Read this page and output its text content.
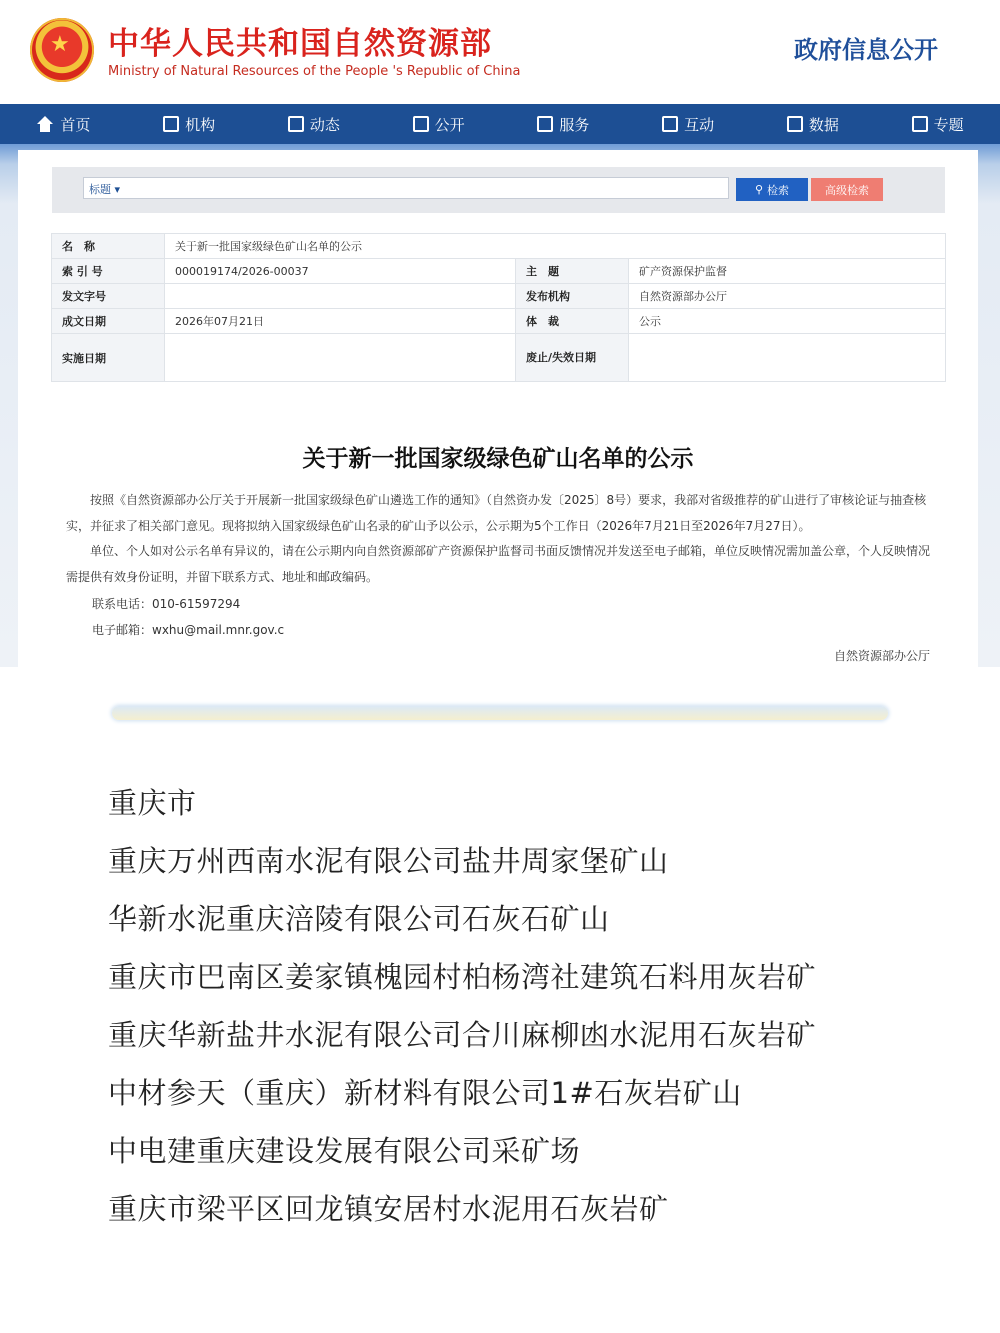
★ 中华人民共和国自然资源部
Ministry of Natural Resources of the People 's Republic of China
政府信息公开
首页	机构	动态	公开	服务	互动	数据	专题
标题 ▾	⚲ 检索	高级检索
名　称	关于新一批国家级绿色矿山名单的公示		
索 引 号	000019174/2026-00037	主　题	矿产资源保护监督
发文字号		发布机构	自然资源部办公厅
成文日期	2026年07月21日	体　裁	公示
实施日期		废止/失效日期	
关于新一批国家级绿色矿山名单的公示
按照《自然资源部办公厅关于开展新一批国家级绿色矿山遴选工作的通知》（自然资办发〔2025〕8号）要求，我部对省级推荐的矿山进行了审核论证与抽查核实，并征求了相关部门意见。现将拟纳入国家级绿色矿山名录的矿山予以公示，公示期为5个工作日（2026年7月21日至2026年7月27日）。
单位、个人如对公示名单有异议的，请在公示期内向自然资源部矿产资源保护监督司书面反馈情况并发送至电子邮箱，单位反映情况需加盖公章，个人反映情况需提供有效身份证明，并留下联系方式、地址和邮政编码。
联系电话：010-61597294
电子邮箱：wxhu@mail.mnr.gov.c
自然资源部办公厅
重庆市
重庆万州西南水泥有限公司盐井周家堡矿山
华新水泥重庆涪陵有限公司石灰石矿山
重庆市巴南区姜家镇槐园村柏杨湾社建筑石料用灰岩矿
重庆华新盐井水泥有限公司合川麻柳凼水泥用石灰岩矿
中材参天（重庆）新材料有限公司1#石灰岩矿山
中电建重庆建设发展有限公司采矿场
重庆市梁平区回龙镇安居村水泥用石灰岩矿
